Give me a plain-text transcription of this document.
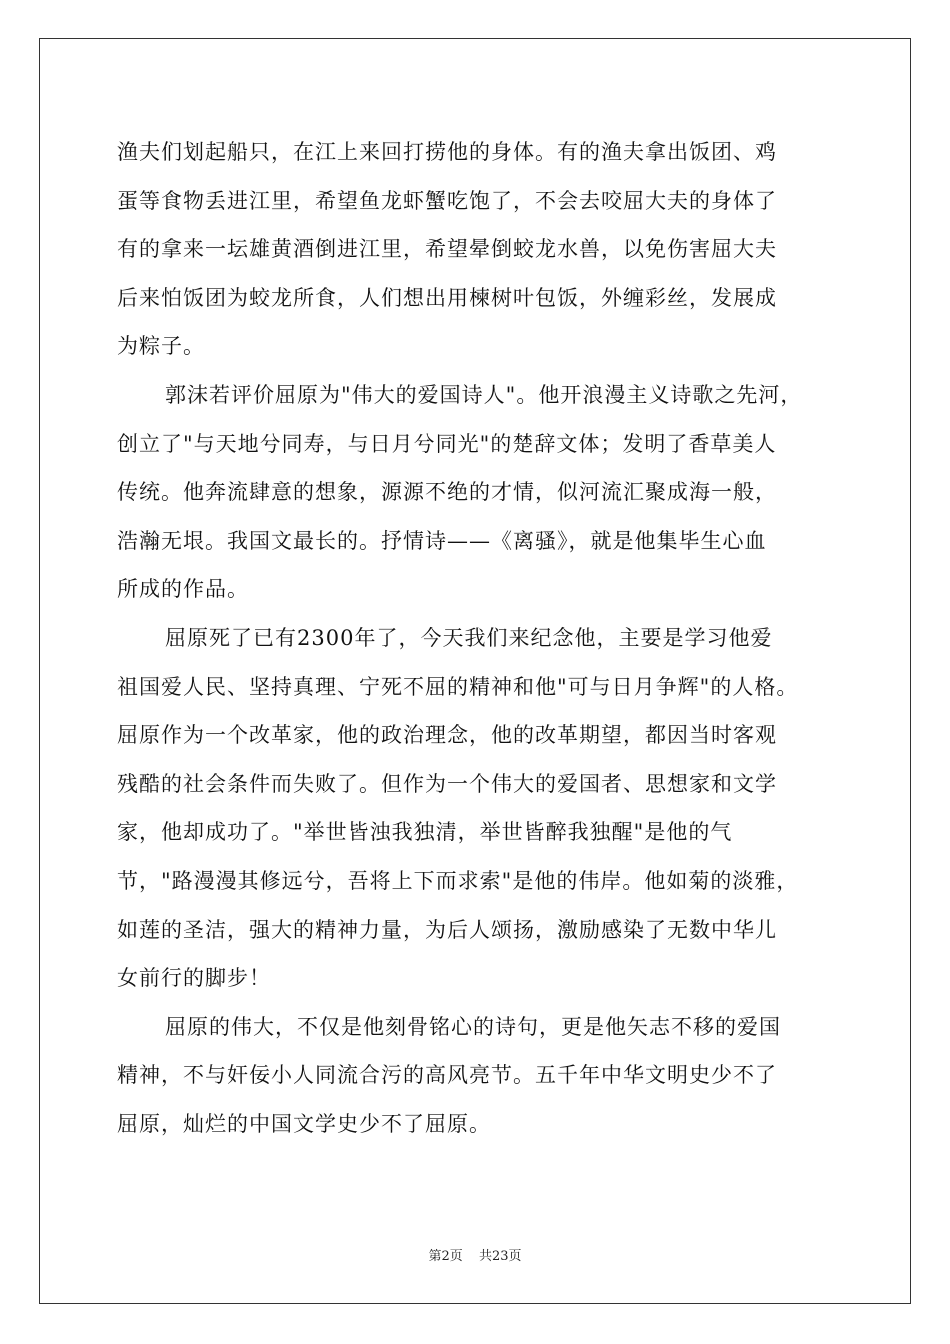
渔夫们划起船只，在江上来回打捞他的身体。有的渔夫拿出饭团、鸡
蛋等食物丢进江里，希望鱼龙虾蟹吃饱了，不会去咬屈大夫的身体了
有的拿来一坛雄黄酒倒进江里，希望晕倒蛟龙水兽，以免伤害屈大夫
后来怕饭团为蛟龙所食，人们想出用楝树叶包饭，外缠彩丝，发展成
为粽子。
郭沫若评价屈原为"伟大的爱国诗人"。他开浪漫主义诗歌之先河，
创立了"与天地兮同寿，与日月兮同光"的楚辞文体；发明了香草美人
传统。他奔流肆意的想象，源源不绝的才情，似河流汇聚成海一般，
浩瀚无垠。我国文最长的。抒情诗——《离骚》，就是他集毕生心血
所成的作品。
屈原死了已有2300年了，今天我们来纪念他，主要是学习他爱
祖国爱人民、坚持真理、宁死不屈的精神和他"可与日月争辉"的人格。
屈原作为一个改革家，他的政治理念，他的改革期望，都因当时客观
残酷的社会条件而失败了。但作为一个伟大的爱国者、思想家和文学
家，他却成功了。"举世皆浊我独清，举世皆醉我独醒"是他的气
节，"路漫漫其修远兮，吾将上下而求索"是他的伟岸。他如菊的淡雅，
如莲的圣洁，强大的精神力量，为后人颂扬，激励感染了无数中华儿
女前行的脚步！
屈原的伟大，不仅是他刻骨铭心的诗句，更是他矢志不移的爱国
精神，不与奸佞小人同流合污的高风亮节。五千年中华文明史少不了
屈原，灿烂的中国文学史少不了屈原。
第2页 共23页
